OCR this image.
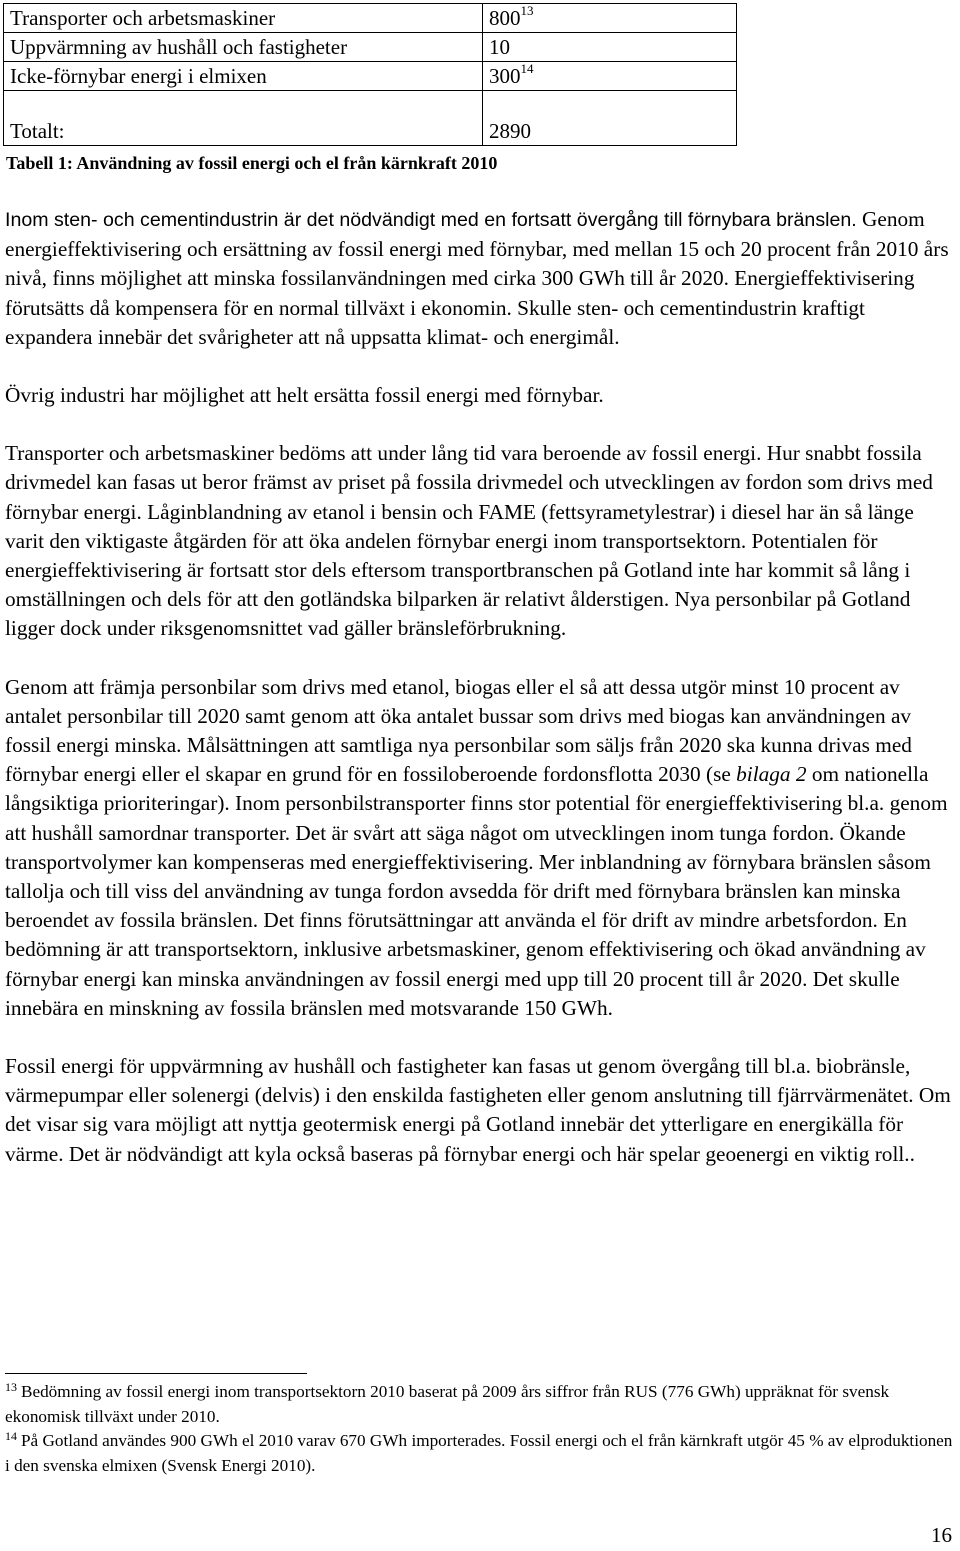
Transporter och arbetsmaskiner	$800^{13}$
Uppvärmning av hushåll och fastigheter	10
Icke-förnybar energi i elmixen	$300^{14}$
Totalt:	2890
Tabell 1: Användning av fossil energi och el från kärnkraft 2010

Inom sten- och cementindustrin är det nödvändigt med en fortsatt övergång till förnybara bränslen. Genom energieffektivisering och ersättning av fossil energi med förnybar, med mellan 15 och 20 procent från 2010 års nivå, finns möjlighet att minska fossilanvändningen med cirka 300 GWh till år 2020. Energieffektivisering förutsätts då kompensera för en normal tillväxt i ekonomin. Skulle sten- och cementindustrin kraftigt expandera innebär det svårigheter att nå uppsatta klimat- och energimål.

Övrig industri har möjlighet att helt ersätta fossil energi med förnybar.

Transporter och arbetsmaskiner bedöms att under lång tid vara beroende av fossil energi. Hur snabbt fossila drivmedel kan fasas ut beror främst av priset på fossila drivmedel och utvecklingen av fordon som drivs med förnybar energi. Låginblandning av etanol i bensin och FAME (fettsyrametylestrar) i diesel har än så länge varit den viktigaste åtgärden för att öka andelen förnybar energi inom transportsektorn. Potentialen för energieffektivisering är fortsatt stor dels eftersom transportbranschen på Gotland inte har kommit så lång i omställningen och dels för att den gotländska bilparken är relativt ålderstigen. Nya personbilar på Gotland ligger dock under riksgenomsnittet vad gäller bränsleförbrukning.

Genom att främja personbilar som drivs med etanol, biogas eller el så att dessa utgör minst 10 procent av antalet personbilar till 2020 samt genom att öka antalet bussar som drivs med biogas kan användningen av fossil energi minska. Målsättningen att samtliga nya personbilar som säljs från 2020 ska kunna drivas med förnybar energi eller el skapar en grund för en fossiloberoende fordonsflotta 2030 (se bilaga 2 om nationella långsiktiga prioriteringar). Inom personbilstransporter finns stor potential för energieffektivisering bl.a. genom att hushåll samordnar transporter. Det är svårt att säga något om utvecklingen inom tunga fordon. Ökande transportvolymer kan kompenseras med energieffektivisering. Mer inblandning av förnybara bränslen såsom tallolja och till viss del användning av tunga fordon avsedda för drift med förnybara bränslen kan minska beroendet av fossila bränslen. Det finns förutsättningar att använda el för drift av mindre arbetsfordon. En bedömning är att transportsektorn, inklusive arbetsmaskiner, genom effektivisering och ökad användning av förnybar energi kan minska användningen av fossil energi med upp till 20 procent till år 2020. Det skulle innebära en minskning av fossila bränslen med motsvarande 150 GWh.

Fossil energi för uppvärmning av hushåll och fastigheter kan fasas ut genom övergång till bl.a. biobränsle, värmepumpar eller solenergi (delvis) i den enskilda fastigheten eller genom anslutning till fjärrvärmenätet. Om det visar sig vara möjligt att nyttja geotermisk energi på Gotland innebär det ytterligare en energikälla för värme. Det är nödvändigt att kyla också baseras på förnybar energi och här spelar geoenergi en viktig roll..

$^{13}$ Bedömning av fossil energi inom transportsektorn 2010 baserat på 2009 års siffror från RUS (776 GWh) uppräknat för svensk ekonomisk tillväxt under 2010.

$^{14}$ På Gotland användes 900 GWh el 2010 varav 670 GWh importerades. Fossil energi och el från kärnkraft utgör 45 % av elproduktionen i den svenska elmixen (Svensk Energi 2010).

16
